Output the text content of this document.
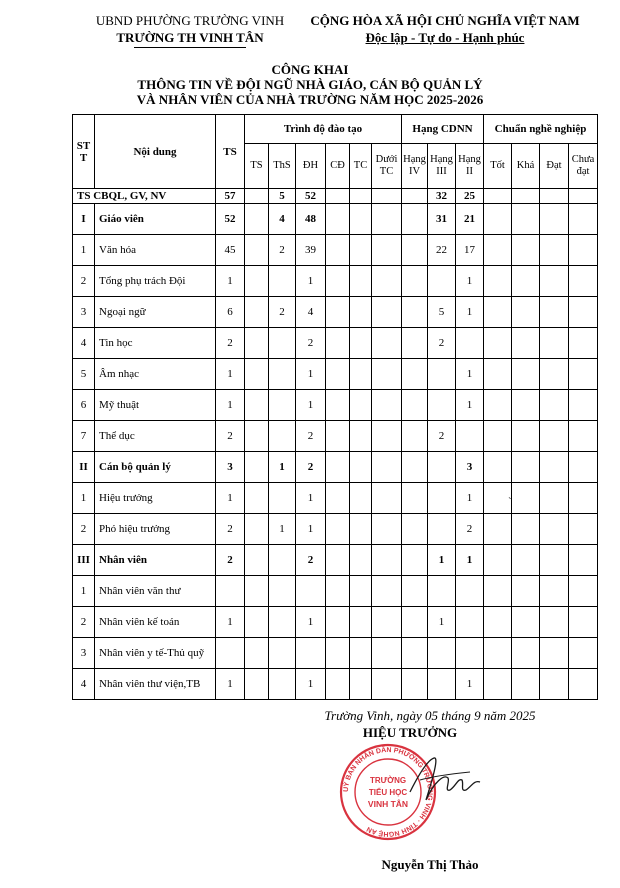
UBND PHƯỜNG TRƯỜNG VINH
TRƯỜNG TH VINH TÂN
CỘNG HÒA XÃ HỘI CHỦ NGHĨA VIỆT NAM
Độc lập - Tự do - Hạnh phúc
CÔNG KHAI
THÔNG TIN VỀ ĐỘI NGŨ NHÀ GIÁO, CÁN BỘ QUẢN LÝ
VÀ NHÂN VIÊN CỦA NHÀ TRƯỜNG NĂM HỌC 2025-2026
ST T	Nội dung	TS	Trình độ đào tạo						Hạng CDNN			Chuẩn nghề nghiệp			
			TS	ThS	ĐH	CĐ	TC	Dưới TC	Hạng IV	Hạng III	Hạng II	Tốt	Khá	Đạt	Chưa đạt
TS CBQL, GV, NV		57		5	52					32	25				
I	Giáo viên	52		4	48					31	21				
1	Văn hóa	45		2	39					22	17				
2	Tổng phụ trách Đội	1			1						1				
3	Ngoại ngữ	6		2	4					5	1				
4	Tin học	2			2					2					
5	Âm nhạc	1			1						1				
6	Mỹ thuật	1			1						1				
7	Thể dục	2			2					2					
II	Cán bộ quản lý	3		1	2						3				
1	Hiệu trưởng	1			1						1				
2	Phó hiệu trưởng	2		1	1						2				
III	Nhân viên	2			2					1	1				
1	Nhân viên văn thư														
2	Nhân viên kế toán	1			1					1					
3	Nhân viên y tế-Thủ quỹ														
4	Nhân viên thư viện,TB	1			1						1				
`
Trường Vinh, ngày 05 tháng 9 năm 2025
HIỆU TRƯỞNG
UỶ BAN NHÂN DÂN PHƯỜNG TRƯỜNG VINH · TỈNH NGHỆ AN
TRƯỜNG
TIỂU HỌC
VINH TÂN
Nguyễn Thị Thảo
